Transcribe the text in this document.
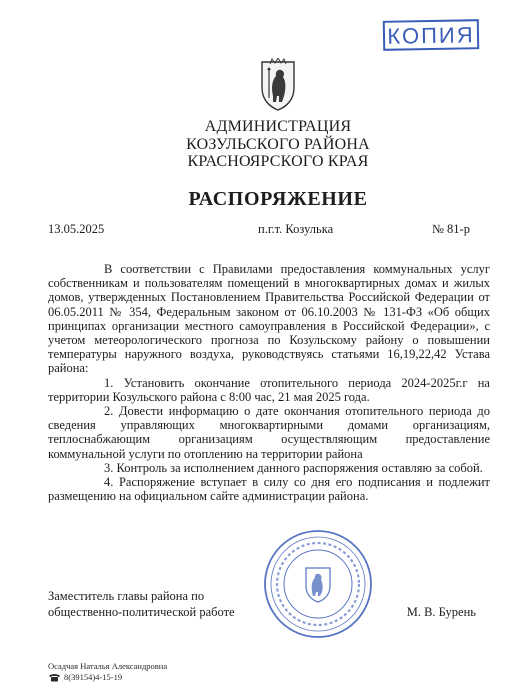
КОПИЯ
АДМИНИСТРАЦИЯ
КОЗУЛЬСКОГО РАЙОНА
КРАСНОЯРСКОГО КРАЯ
РАСПОРЯЖЕНИЕ
13.05.2025	п.г.т. Козулька	№ 81-р

В соответствии с Правилами предоставления коммунальных услуг собственникам и пользователям помещений в многоквартирных домах и жилых домов, утвержденных Постановлением Правительства Российской Федерации от 06.05.2011 № 354, Федеральным законом от 06.10.2003 № 131-ФЗ «Об общих принципах организации местного самоуправления в Российской Федерации», с учетом метеорологического прогноза по Козульскому району о повышении температуры наружного воздуха, руководствуясь статьями 16,19,22,42 Устава района:

1. Установить окончание отопительного периода 2024-2025г.г на территории Козульского района с 8:00 час, 21 мая 2025 года.

2. Довести информацию о дате окончания отопительного периода до сведения управляющих многоквартирными домами организациям, теплоснабжающим организациям осуществляющим предоставление коммунальной услуги по отоплению на территории района

3. Контроль за исполнением данного распоряжения оставляю за собой.

4. Распоряжение вступает в силу со дня его подписания и подлежит размещению на официальном сайте администрации района.

Заместитель главы района по
общественно-политической работе	М. В. Бурень
Осадчая Наталья Александровна
8(39154)4-15-19
